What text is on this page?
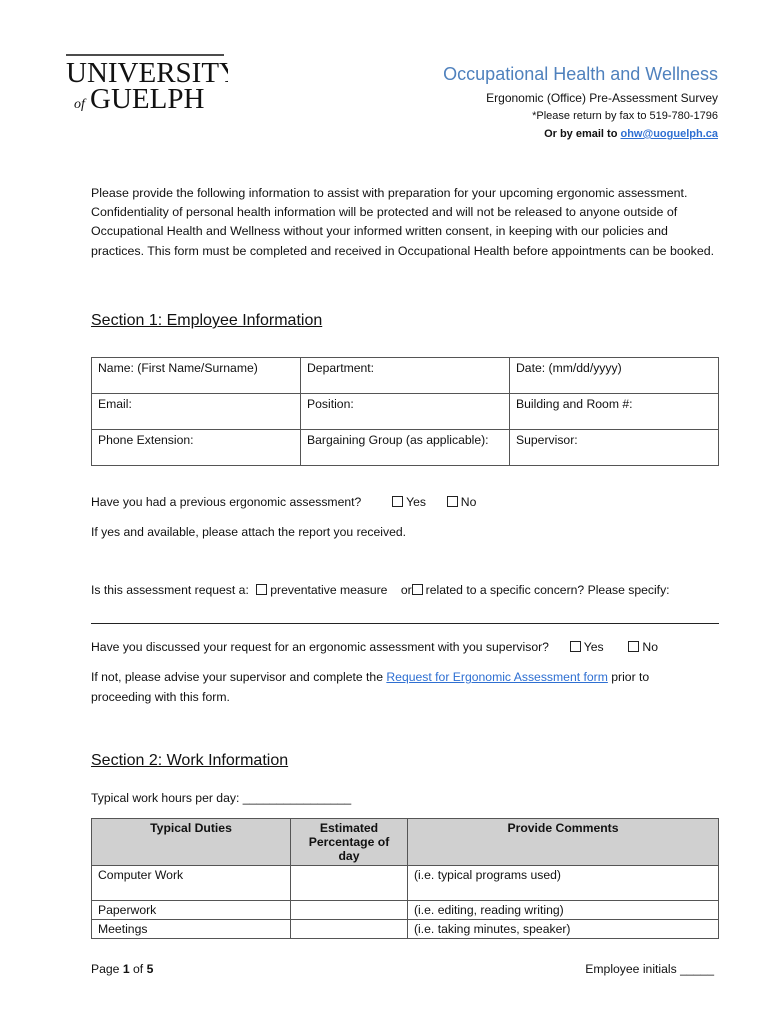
UNIVERSITY
of GUELPH
Occupational Health and Wellness
Ergonomic (Office) Pre-Assessment Survey
*Please return by fax to 519-780-1796
Or by email to ohw@uoguelph.ca
Please provide the following information to assist with preparation for your upcoming ergonomic assessment. Confidentiality of personal health information will be protected and will not be released to anyone outside of Occupational Health and Wellness without your informed written consent, in keeping with our policies and practices. This form must be completed and received in Occupational Health before appointments can be booked.
Section 1: Employee Information
Name: (First Name/Surname)	Department:	Date: (mm/dd/yyyy)
Email:	Position:	Building and Room #:
Phone Extension:	Bargaining Group (as applicable):	Supervisor:
Have you had a previous ergonomic assessment?	Yes	No
If yes and available, please attach the report you received.
Is this assessment request a: preventative measure or related to a specific concern? Please specify:
Have you discussed your request for an ergonomic assessment with you supervisor?	Yes	No
If not, please advise your supervisor and complete the Request for Ergonomic Assessment form prior to
proceeding with this form.
Section 2: Work Information
Typical work hours per day: ________________
Typical Duties	Estimated Percentage of day	Provide Comments
Computer Work		(i.e. typical programs used)
Paperwork		(i.e. editing, reading writing)
Meetings		(i.e. taking minutes, speaker)
Page 1 of 5	Employee initials _____
